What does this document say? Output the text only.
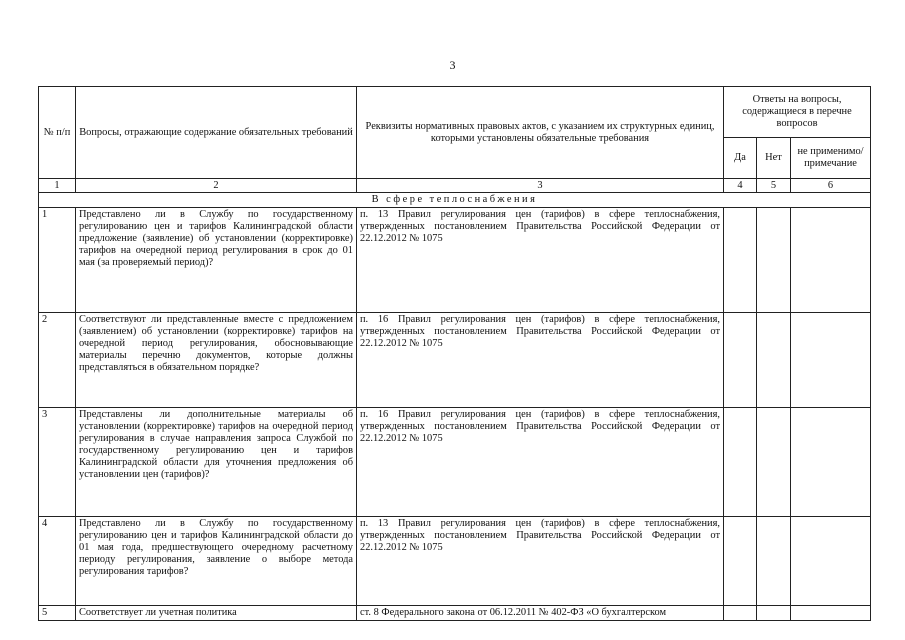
3
№ п/п	Вопросы, отражающие содержание обязательных требований	Реквизиты нормативных правовых актов, с указанием их структурных единиц, которыми установлены обязательные требования	Ответы на вопросы, содержащиеся в перечне вопросов		
			Да	Нет	не применимо/ примечание
1	2	3	4	5	6
В сфере теплоснабжения					
1	Представлено ли в Службу по государственному регулированию цен и тарифов Калининградской области предложение (заявление) об установлении (корректировке) тарифов на очередной период регулирования в срок до 01 мая (за проверяемый период)?	п. 13 Правил регулирования цен (тарифов) в сфере теплоснабжения, утвержденных постановлением Правительства Российской Федерации от 22.12.2012 № 1075			
2	Соответствуют ли представленные вместе с предложением (заявлением) об установлении (корректировке) тарифов на очередной период регулирования, обосновывающие материалы перечню документов, которые должны представляться в обязательном порядке?	п. 16 Правил регулирования цен (тарифов) в сфере теплоснабжения, утвержденных постановлением Правительства Российской Федерации от 22.12.2012 № 1075			
3	Представлены ли дополнительные материалы об установлении (корректировке) тарифов на очередной период регулирования в случае направления запроса Службой по государственному регулированию цен и тарифов Калининградской области для уточнения предложения об установлении цен (тарифов)?	п. 16 Правил регулирования цен (тарифов) в сфере теплоснабжения, утвержденных постановлением Правительства Российской Федерации от 22.12.2012 № 1075			
4	Представлено ли в Службу по государственному регулированию цен и тарифов Калининградской области до 01 мая года, предшествующего очередному расчетному периоду регулирования, заявление о выборе метода регулирования тарифов?	п. 13 Правил регулирования цен (тарифов) в сфере теплоснабжения, утвержденных постановлением Правительства Российской Федерации от 22.12.2012 № 1075			
5	Соответствует ли учетная политика	ст. 8 Федерального закона от 06.12.2011 № 402-ФЗ «О бухгалтерском			
